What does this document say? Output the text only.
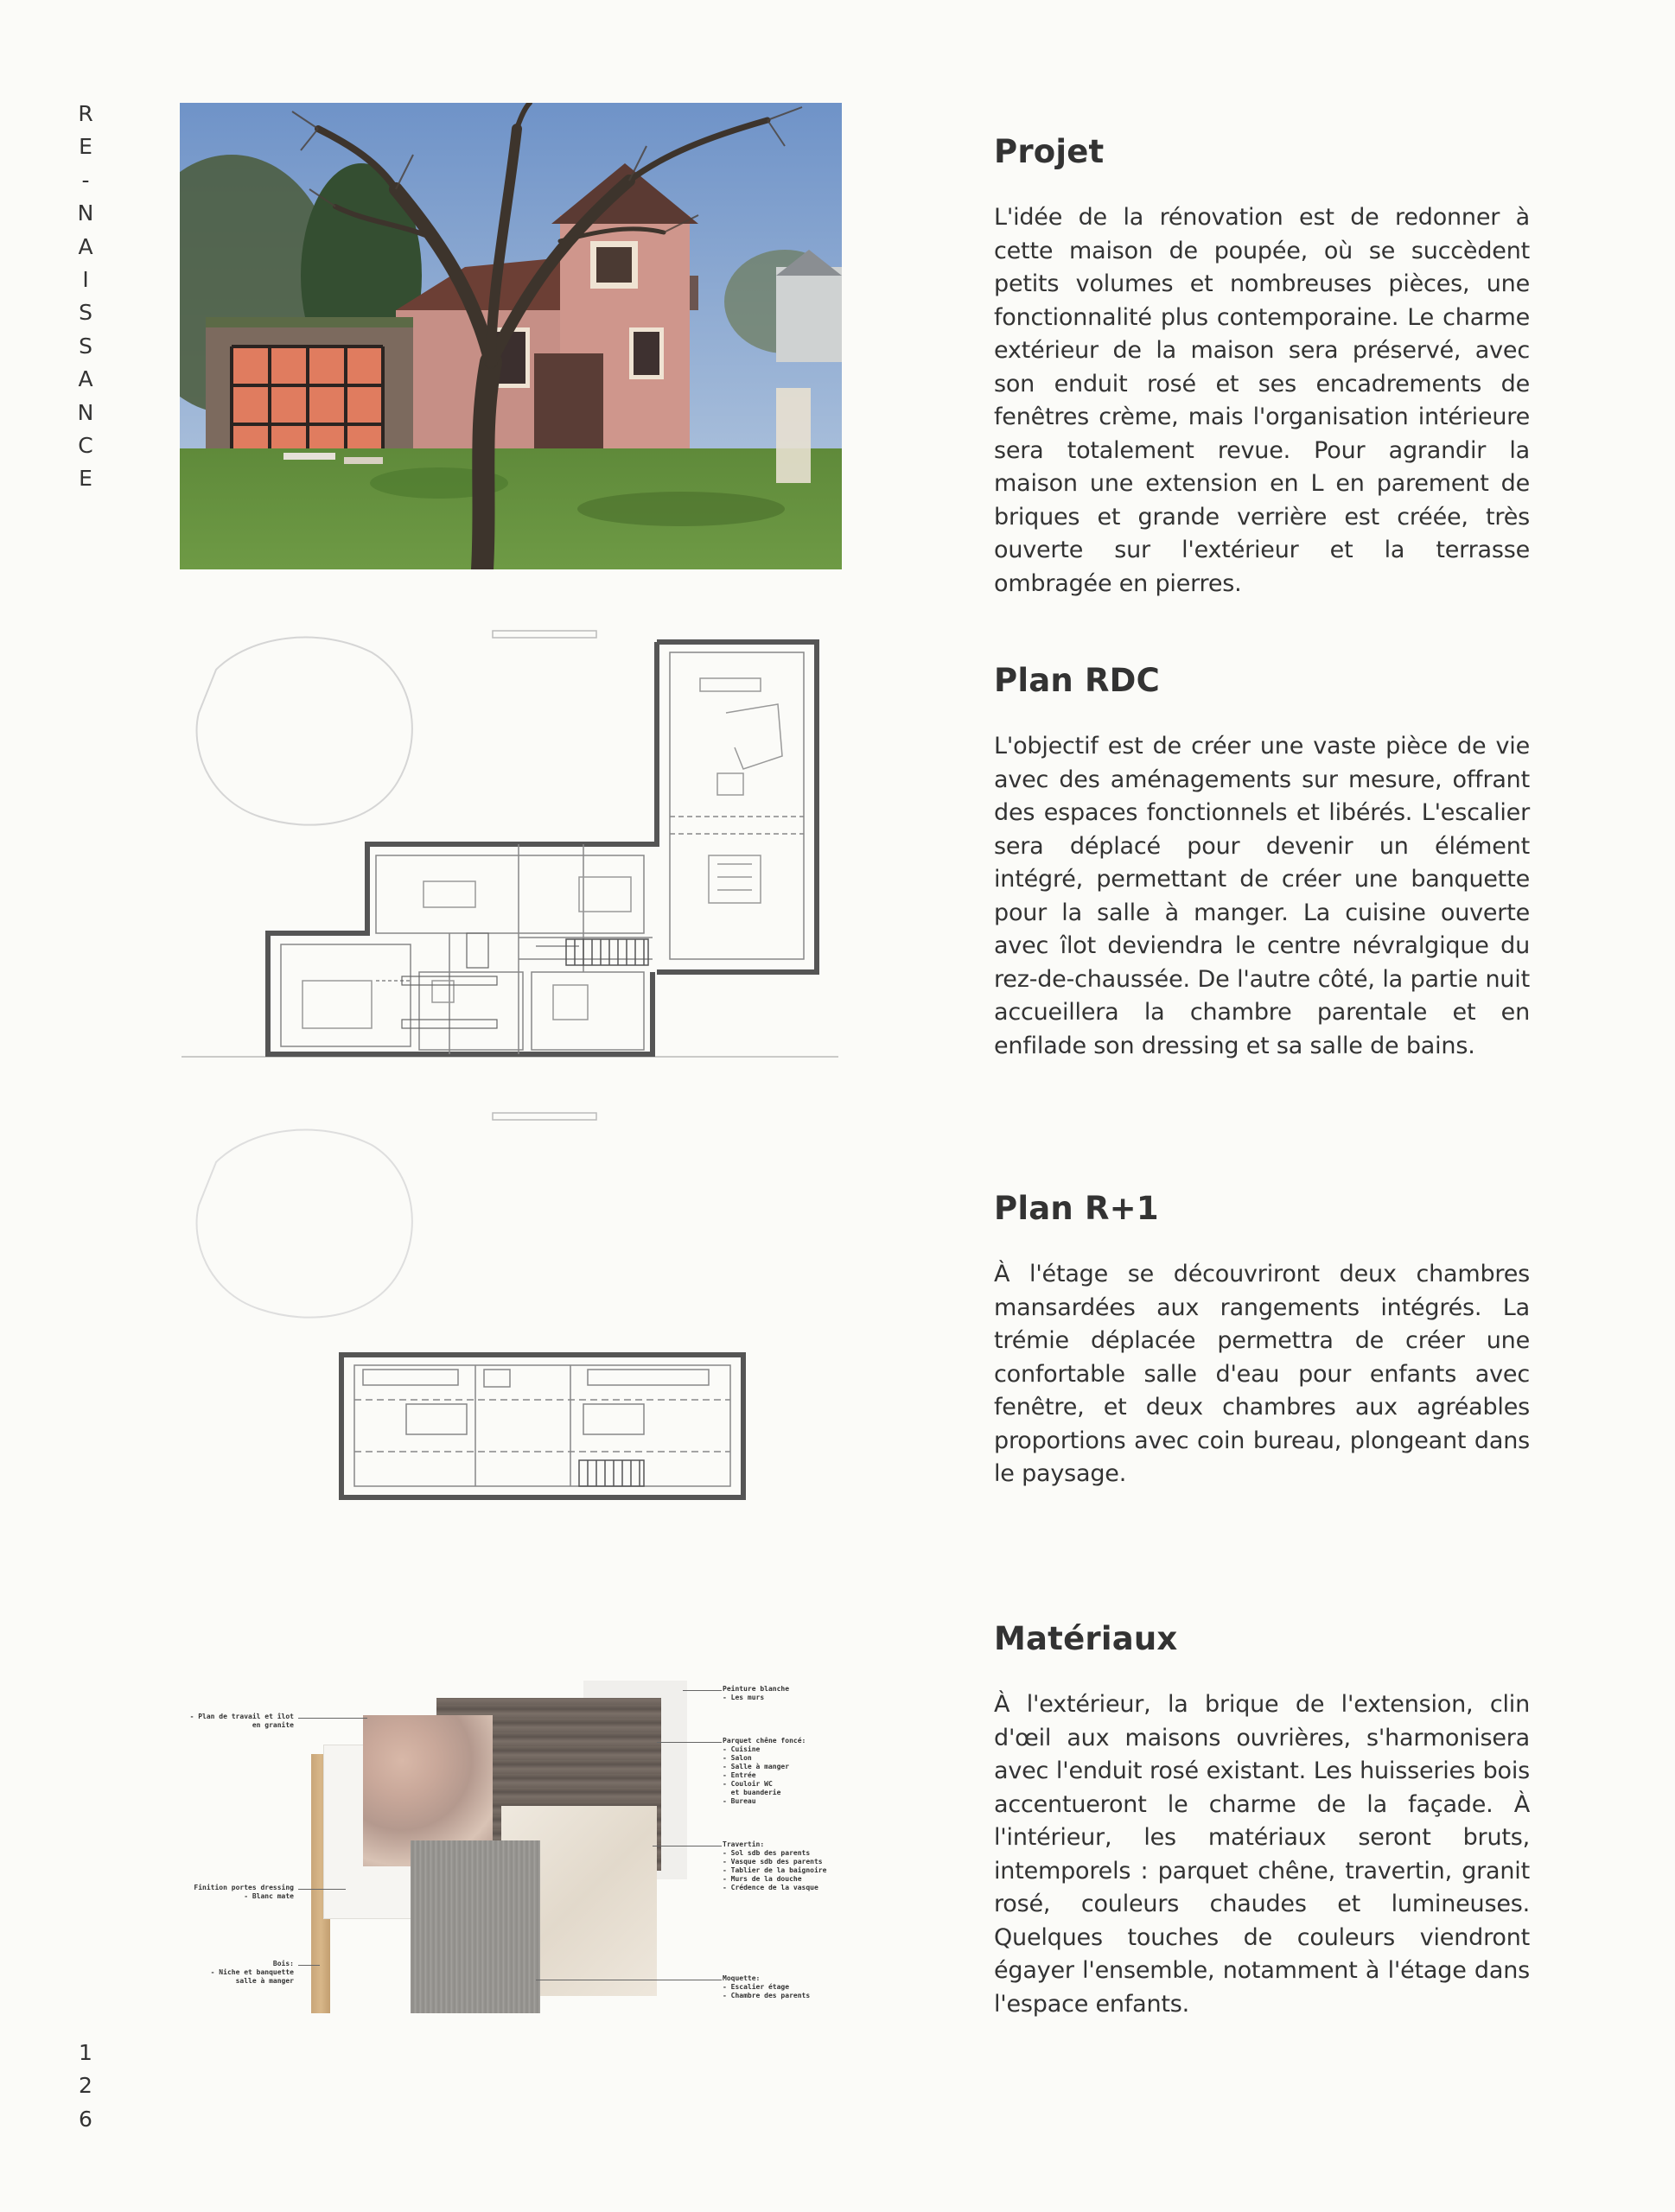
R
E
-
N
A
I
S
S
A
N
C
E
1
2
6
- Plan de travail et îlot
en granite
Finition portes dressing
- Blanc mate
Bois:
- Niche et banquette
salle à manger
Peinture blanche
- Les murs
Parquet chêne foncé:
- Cuisine
- Salon
- Salle à manger
- Entrée
- Couloir WC
et buanderie
- Bureau
Travertin:
- Sol sdb des parents
- Vasque sdb des parents
- Tablier de la baignoire
- Murs de la douche
- Crédence de la vasque
Moquette:
- Escalier étage
- Chambre des parents
Projet

L'idée de la rénovation est de redonner à cette maison de poupée, où se succèdent petits volumes et nombreuses pièces, une fonctionnalité plus contemporaine. Le charme extérieur de la maison sera préservé, avec son enduit rosé et ses encadrements de fenêtres crème, mais l'organisation intérieure sera totalement revue. Pour agrandir la maison une extension en L en parement de briques et grande verrière est créée, très ouverte sur l'extérieur et la terrasse ombragée en pierres.

Plan RDC

L'objectif est de créer une vaste pièce de vie avec des aménagements sur mesure, offrant des espaces fonctionnels et libérés. L'escalier sera déplacé pour devenir un élément intégré, permettant de créer une banquette pour la salle à manger. La cuisine ouverte avec îlot deviendra le centre névralgique du rez-de-chaussée. De l'autre côté, la partie nuit accueillera la chambre parentale et en enfilade son dressing et sa salle de bains.

Plan R+1

À l'étage se découvriront deux chambres mansardées aux rangements intégrés. La trémie déplacée permettra de créer une confortable salle d'eau pour enfants avec fenêtre, et deux chambres aux agréables proportions avec coin bureau, plongeant dans le paysage.

Matériaux

À l'extérieur, la brique de l'extension, clin d'œil aux maisons ouvrières, s'harmonisera avec l'enduit rosé existant. Les huisseries bois accentueront le charme de la façade. À l'intérieur, les matériaux seront bruts, intemporels : parquet chêne, travertin, granit rosé, couleurs chaudes et lumineuses. Quelques touches de couleurs viendront égayer l'ensemble, notamment à l'étage dans l'espace enfants.
